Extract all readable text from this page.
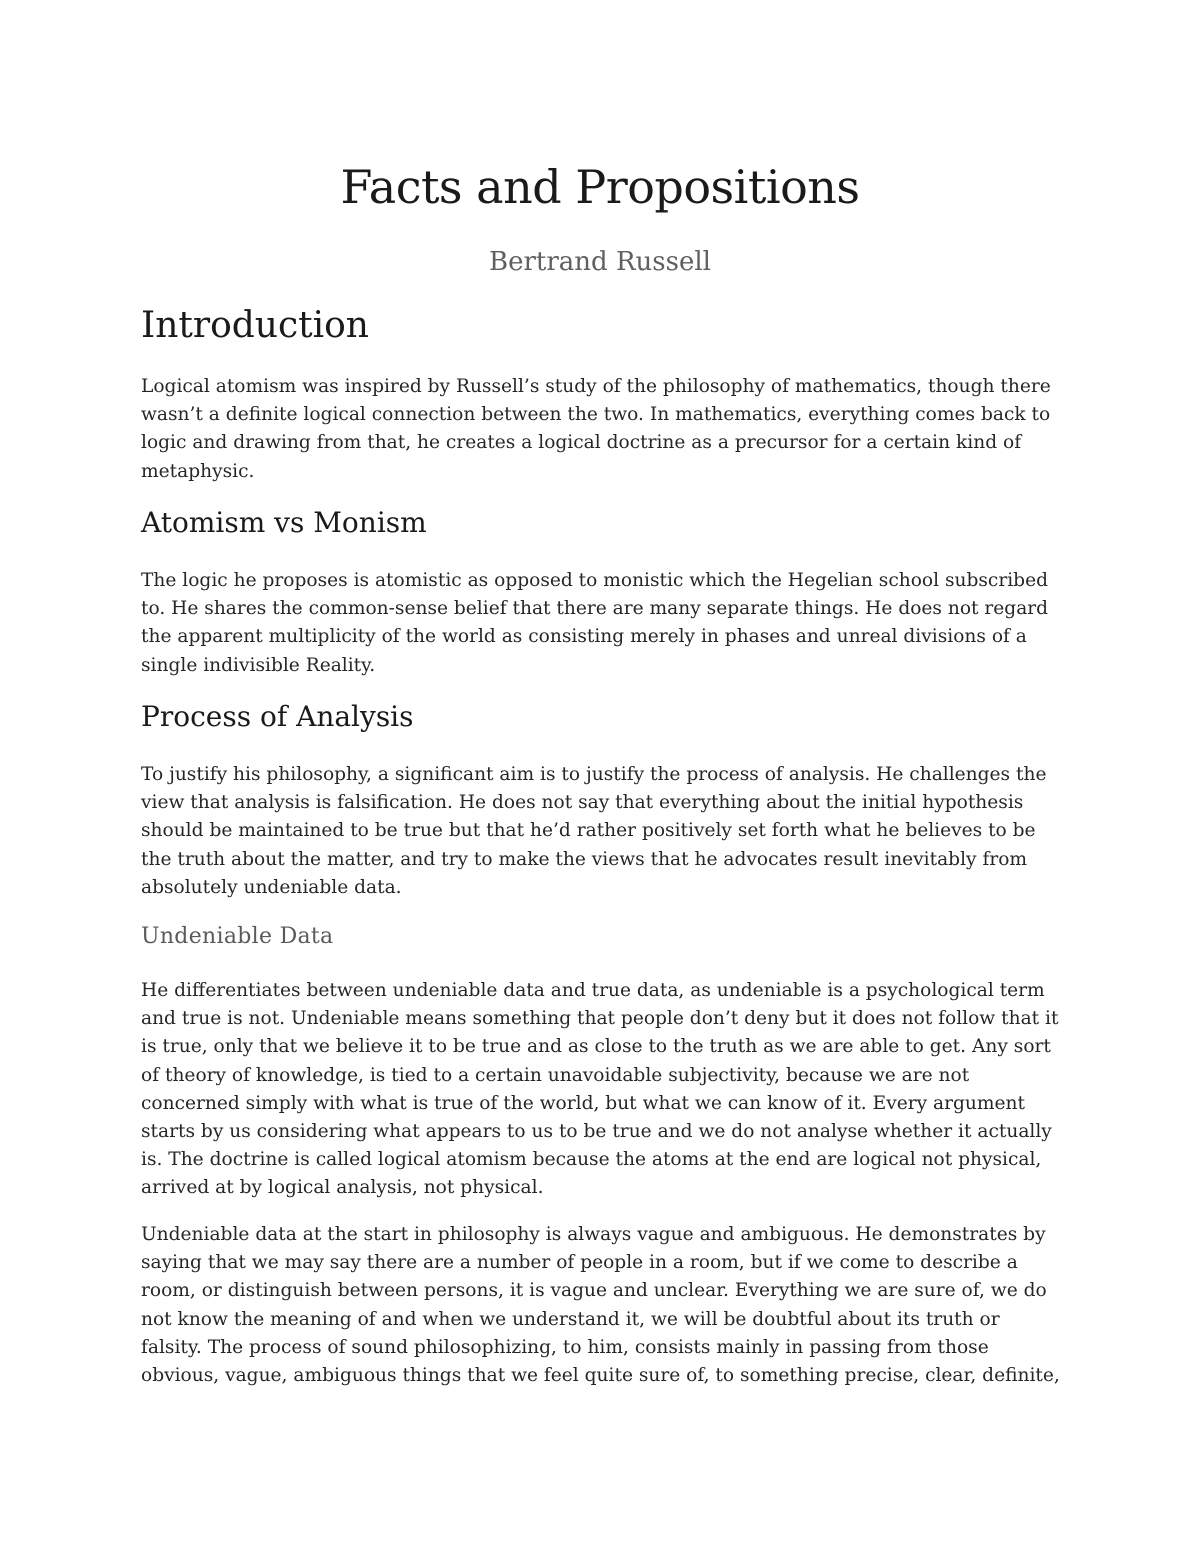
Facts and Propositions

Bertrand Russell

Introduction

Logical atomism was inspired by Russell’s study of the philosophy of mathematics, though there wasn’t a definite logical connection between the two. In mathematics, everything comes back to logic and drawing from that, he creates a logical doctrine as a precursor for a certain kind of metaphysic.

Atomism vs Monism

The logic he proposes is atomistic as opposed to monistic which the Hegelian school subscribed to. He shares the common-sense belief that there are many separate things. He does not regard the apparent multiplicity of the world as consisting merely in phases and unreal divisions of a single indivisible Reality.

Process of Analysis

To justify his philosophy, a significant aim is to justify the process of analysis. He challenges the view that analysis is falsification. He does not say that everything about the initial hypothesis should be maintained to be true but that he’d rather positively set forth what he believes to be the truth about the matter, and try to make the views that he advocates result inevitably from absolutely undeniable data.

Undeniable Data

He differentiates between undeniable data and true data, as undeniable is a psychological term and true is not. Undeniable means something that people don’t deny but it does not follow that it is true, only that we believe it to be true and as close to the truth as we are able to get. Any sort of theory of knowledge, is tied to a certain unavoidable subjectivity, because we are not concerned simply with what is true of the world, but what we can know of it. Every argument starts by us considering what appears to us to be true and we do not analyse whether it actually is. The doctrine is called logical atomism because the atoms at the end are logical not physical, arrived at by logical analysis, not physical.

Undeniable data at the start in philosophy is always vague and ambiguous. He demonstrates by saying that we may say there are a number of people in a room, but if we come to describe a room, or distinguish between persons, it is vague and unclear. Everything we are sure of, we do not know the meaning of and when we understand it, we will be doubtful about its truth or falsity. The process of sound philosophizing, to him, consists mainly in passing from those obvious, vague, ambiguous things that we feel quite sure of, to something precise, clear, definite,
